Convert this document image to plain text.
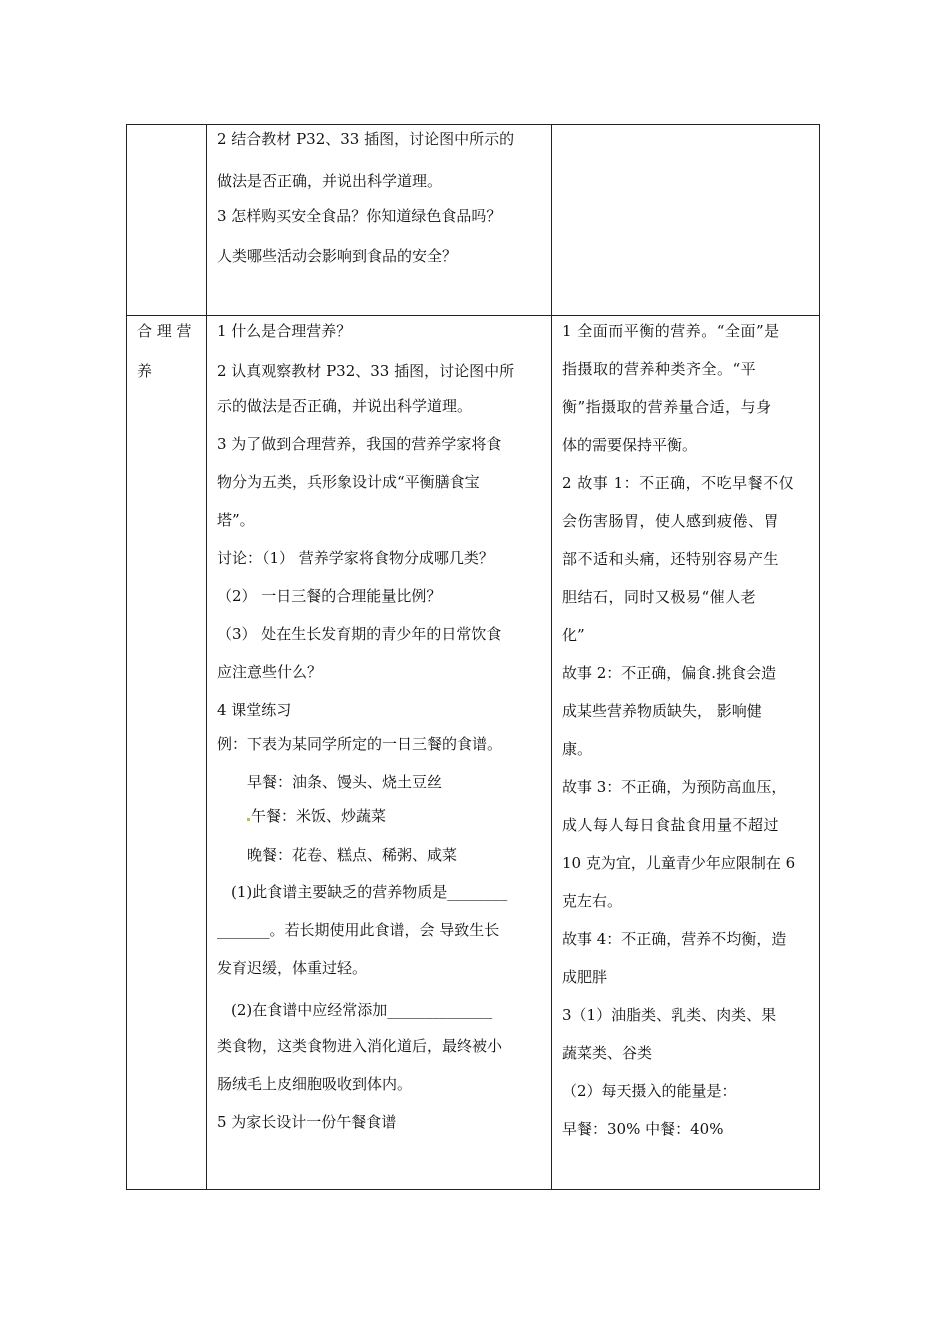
2 结合教材 P32、33 插图，讨论图中所示的
做法是否正确，并说出科学道理。
3 怎样购买安全食品？你知道绿色食品吗？
人类哪些活动会影响到食品的安全？
合 理 营
养
1 什么是合理营养？
2 认真观察教材 P32、33 插图，讨论图中所
示的做法是否正确，并说出科学道理。
3 为了做到合理营养，我国的营养学家将食
物分为五类，兵形象设计成“平衡膳食宝
塔”。
讨论：（1） 营养学家将食物分成哪几类？
（2） 一日三餐的合理能量比例？
（3） 处在生长发育期的青少年的日常饮食
应注意些什么？
4 课堂练习
例：下表为某同学所定的一日三餐的食谱。
早餐：油条、馒头、烧土豆丝
午餐：米饭、炒蔬菜
晚餐：花卷、糕点、稀粥、咸菜
(1)此食谱主要缺乏的营养物质是________
_______。若长期使用此食谱，会 导致生长
发育迟缓，体重过轻。
(2)在食谱中应经常添加______________
类食物，这类食物进入消化道后，最终被小
肠绒毛上皮细胞吸收到体内。
5 为家长设计一份午餐食谱
1 全面而平衡的营养。“全面”是
指摄取的营养种类齐全。“平
衡”指摄取的营养量合适，与身
体的需要保持平衡。
2 故事 1：不正确，不吃早餐不仅
会伤害肠胃，使人感到疲倦、胃
部不适和头痛，还特别容易产生
胆结石，同时又极易“催人老
化”
故事 2：不正确，偏食.挑食会造
成某些营养物质缺失， 影响健
康。
故事 3：不正确，为预防高血压，
成人每人每日食盐食用量不超过
10 克为宜，儿童青少年应限制在 6
克左右。
故事 4：不正确，营养不均衡，造
成肥胖
3（1）油脂类、乳类、肉类、果
蔬菜类、谷类
（2）每天摄入的能量是：
早餐：30% 中餐：40%
